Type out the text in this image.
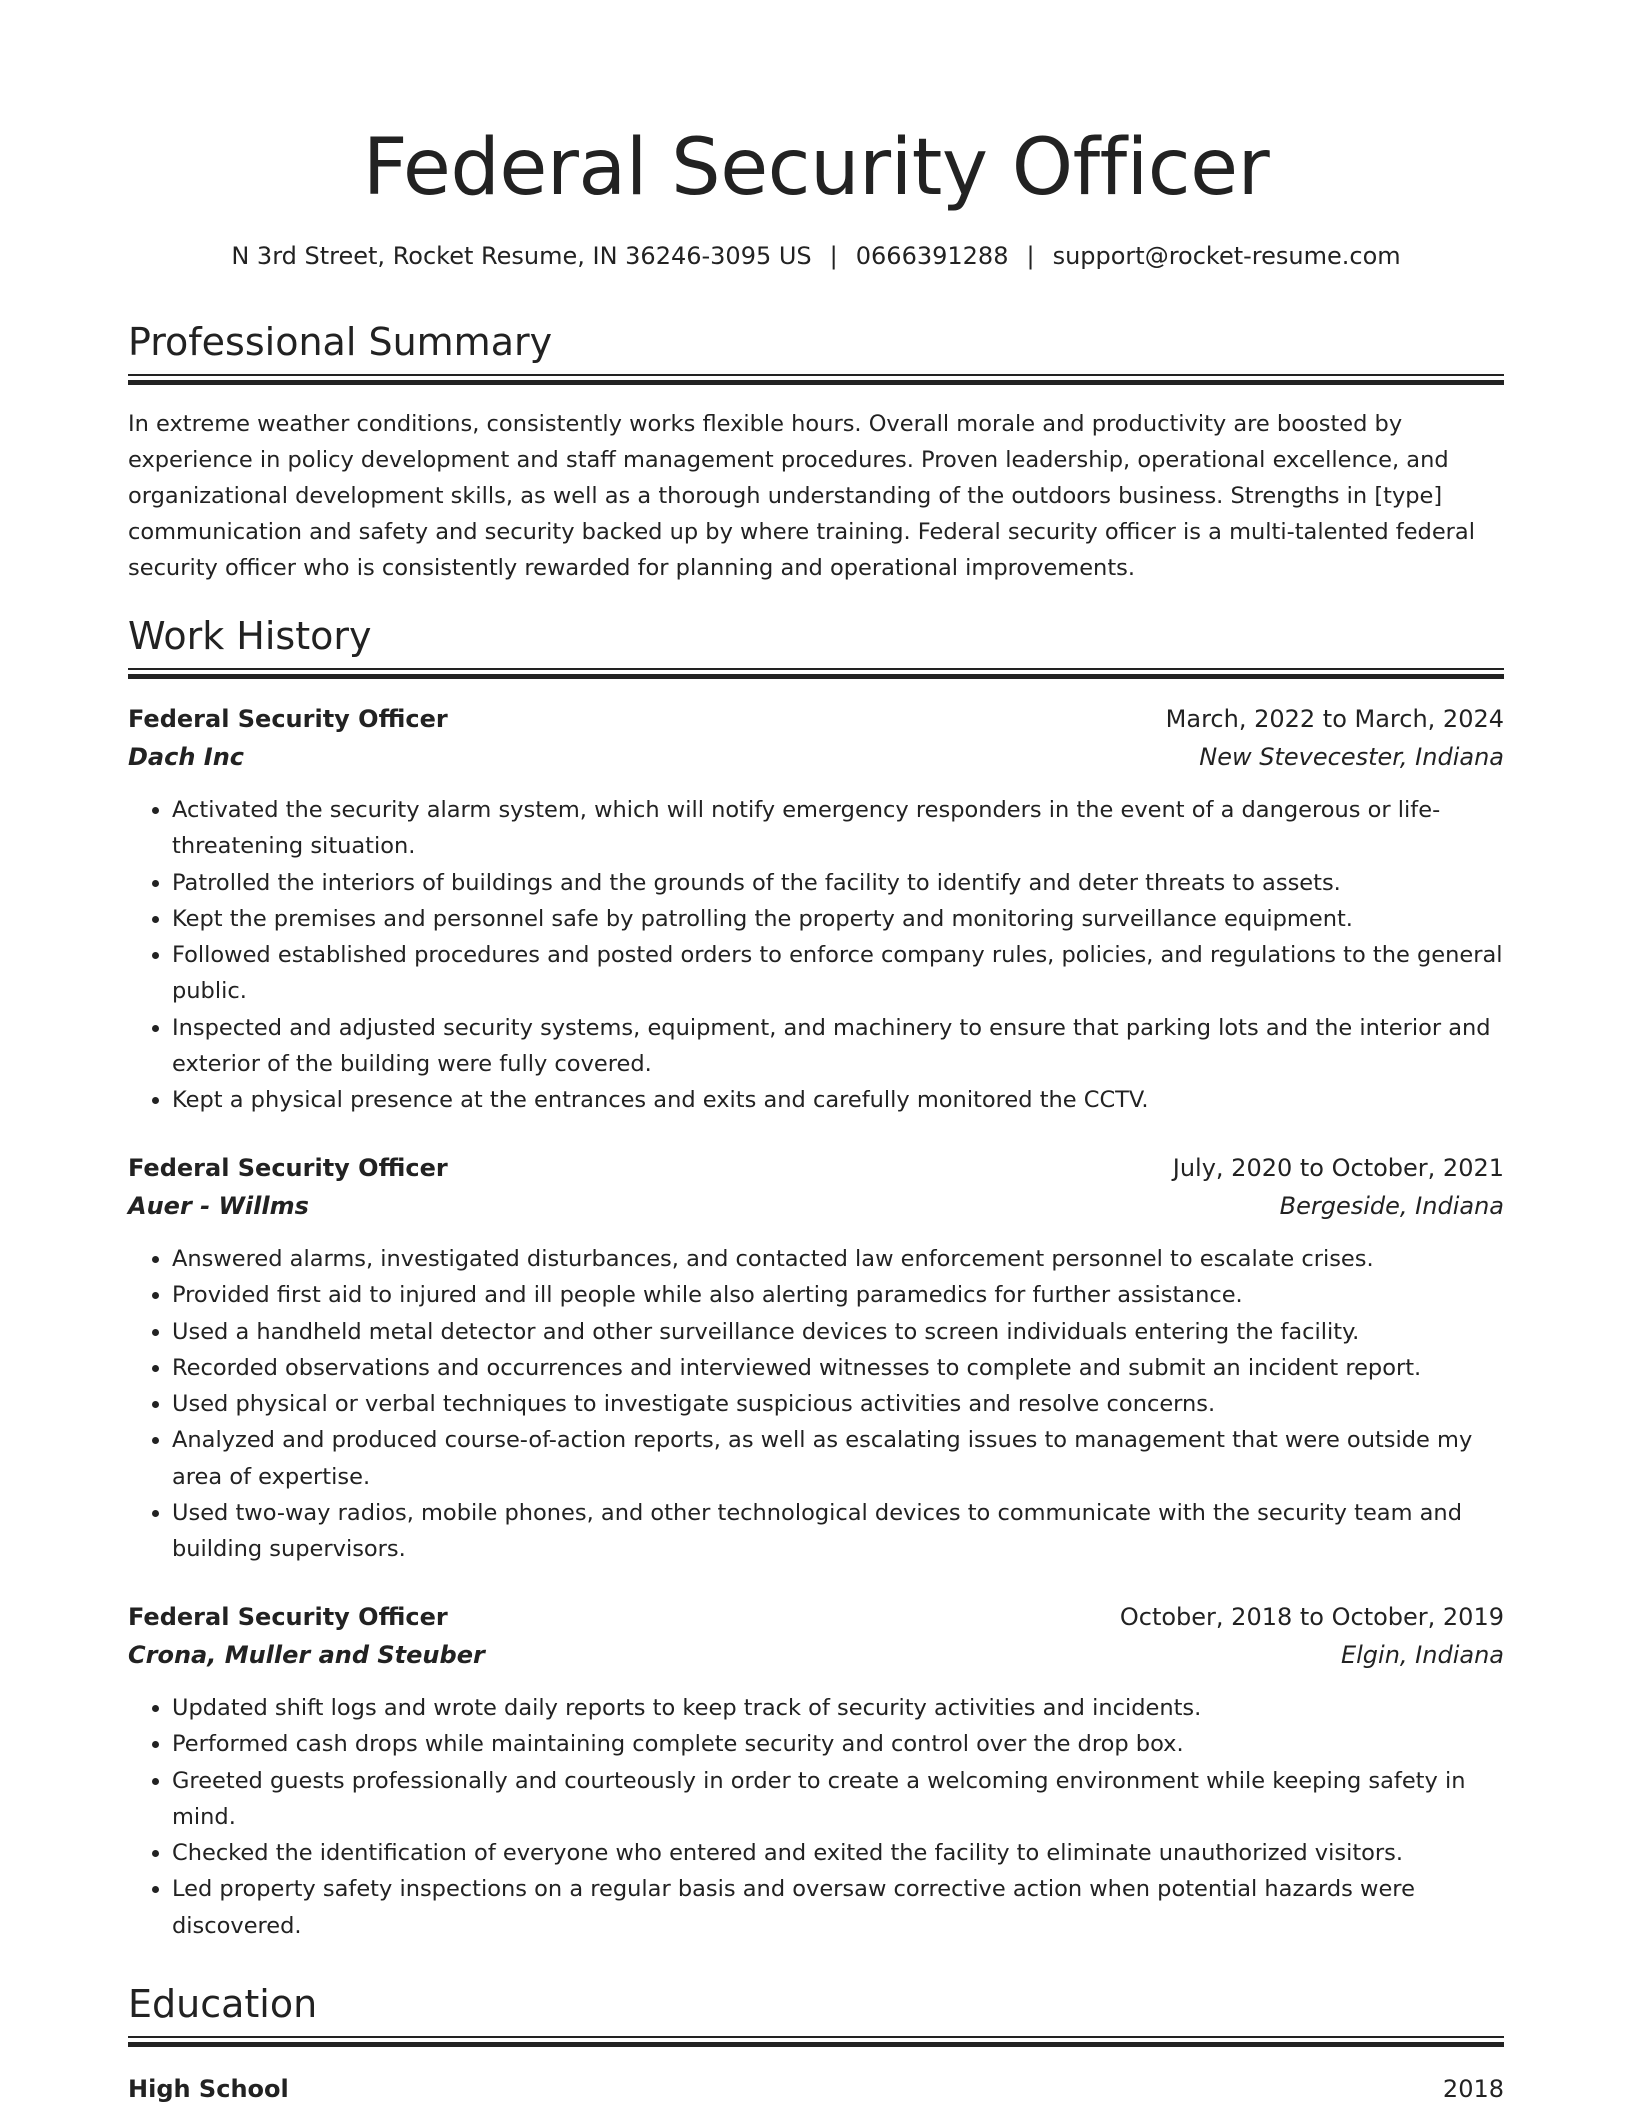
Federal Security Officer
N 3rd Street, Rocket Resume, IN 36246-3095 US | 0666391288 | support@rocket-resume.com
Professional Summary

In extreme weather conditions, consistently works flexible hours. Overall morale and productivity are boosted by experience in policy development and staff management procedures. Proven leadership, operational excellence, and organizational development skills, as well as a thorough understanding of the outdoors business. Strengths in [type] communication and safety and security backed up by where training. Federal security officer is a multi-talented federal security officer who is consistently rewarded for planning and operational improvements.

Work History
Federal Security Officer	March, 2022 to March, 2024
Dach Inc	New Stevecester, Indiana
• Activated the security alarm system, which will notify emergency responders in the event of a dangerous or life-threatening situation.
• Patrolled the interiors of buildings and the grounds of the facility to identify and deter threats to assets.
• Kept the premises and personnel safe by patrolling the property and monitoring surveillance equipment.
• Followed established procedures and posted orders to enforce company rules, policies, and regulations to the general public.
• Inspected and adjusted security systems, equipment, and machinery to ensure that parking lots and the interior and exterior of the building were fully covered.
• Kept a physical presence at the entrances and exits and carefully monitored the CCTV.
Federal Security Officer	July, 2020 to October, 2021
Auer - Willms	Bergeside, Indiana
• Answered alarms, investigated disturbances, and contacted law enforcement personnel to escalate crises.
• Provided first aid to injured and ill people while also alerting paramedics for further assistance.
• Used a handheld metal detector and other surveillance devices to screen individuals entering the facility.
• Recorded observations and occurrences and interviewed witnesses to complete and submit an incident report.
• Used physical or verbal techniques to investigate suspicious activities and resolve concerns.
• Analyzed and produced course-of-action reports, as well as escalating issues to management that were outside my area of expertise.
• Used two-way radios, mobile phones, and other technological devices to communicate with the security team and building supervisors.
Federal Security Officer	October, 2018 to October, 2019
Crona, Muller and Steuber	Elgin, Indiana
• Updated shift logs and wrote daily reports to keep track of security activities and incidents.
• Performed cash drops while maintaining complete security and control over the drop box.
• Greeted guests professionally and courteously in order to create a welcoming environment while keeping safety in mind.
• Checked the identification of everyone who entered and exited the facility to eliminate unauthorized visitors.
• Led property safety inspections on a regular basis and oversaw corrective action when potential hazards were discovered.
Education
High School	2018
